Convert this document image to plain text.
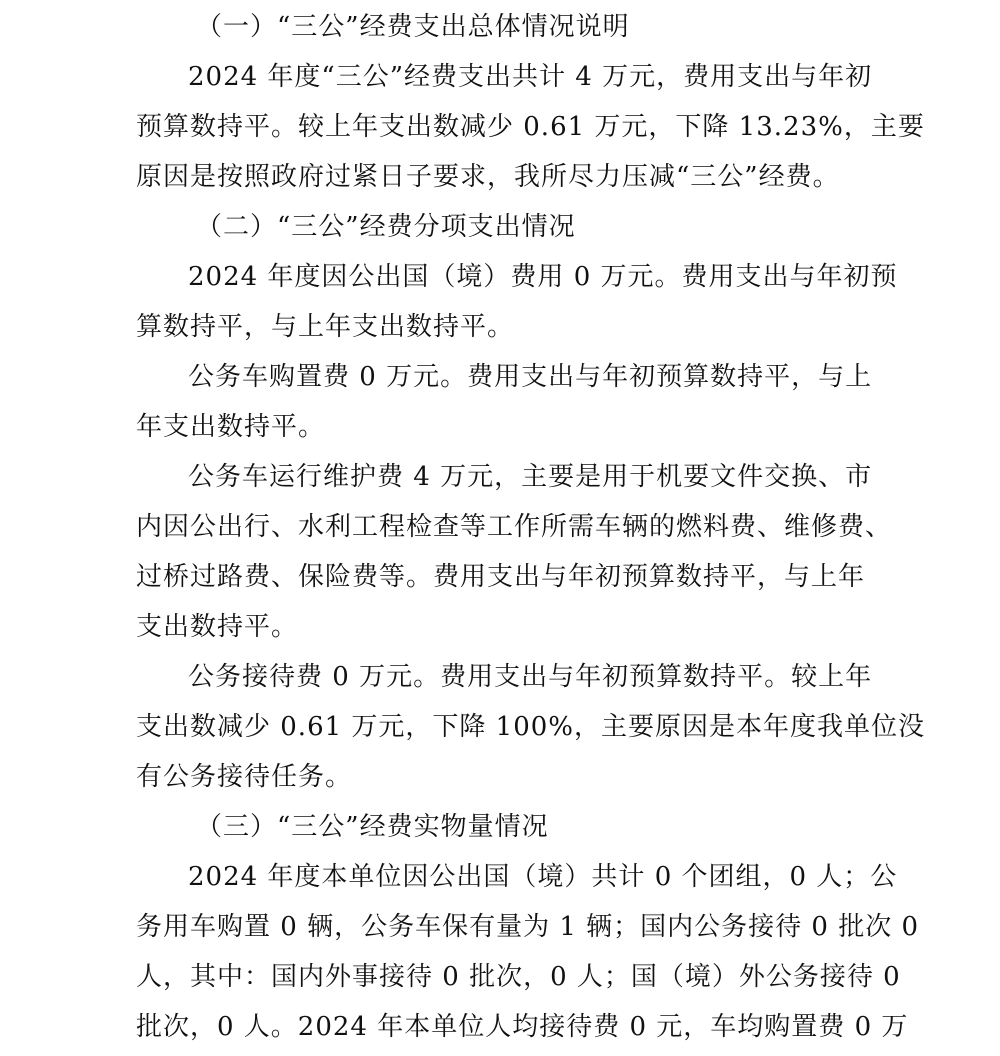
（一）“三公”经费支出总体情况说明
2024 年度“三公”经费支出共计 4 万元，费用支出与年初
预算数持平。较上年支出数减少 0.61 万元，下降 13.23%，主要
原因是按照政府过紧日子要求，我所尽力压减“三公”经费。
（二）“三公”经费分项支出情况
2024 年度因公出国（境）费用 0 万元。费用支出与年初预
算数持平，与上年支出数持平。
公务车购置费 0 万元。费用支出与年初预算数持平，与上
年支出数持平。
公务车运行维护费 4 万元，主要是用于机要文件交换、市
内因公出行、水利工程检查等工作所需车辆的燃料费、维修费、
过桥过路费、保险费等。费用支出与年初预算数持平，与上年
支出数持平。
公务接待费 0 万元。费用支出与年初预算数持平。较上年
支出数减少 0.61 万元，下降 100%，主要原因是本年度我单位没
有公务接待任务。
（三）“三公”经费实物量情况
2024 年度本单位因公出国（境）共计 0 个团组，0 人；公
务用车购置 0 辆，公务车保有量为 1 辆；国内公务接待 0 批次 0
人，其中：国内外事接待 0 批次，0 人；国（境）外公务接待 0
批次，0 人。2024 年本单位人均接待费 0 元，车均购置费 0 万
